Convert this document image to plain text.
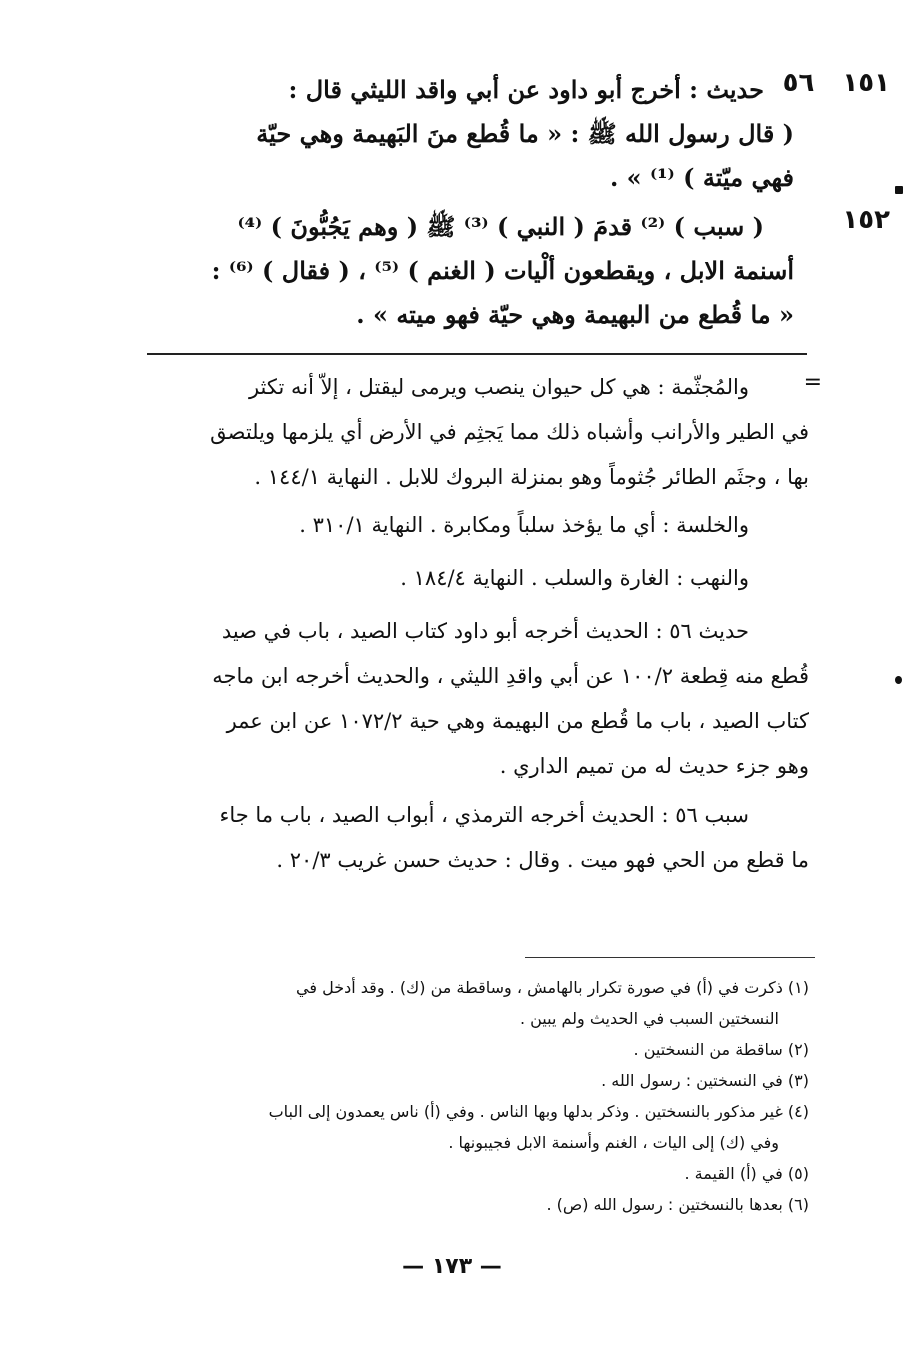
١٥١
٥٦
حديث : أخرج أبو داود عن أبي واقد الليثي قال :
( قال رسول الله ﷺ : « ما قُطع منَ البَهيمة وهي حيّة
فهي ميّتة ) ⁽¹⁾ » .
١٥٢
( سبب ) ⁽²⁾ قدمَ ( النبي ) ⁽³⁾ ﷺ ( وهم يَجُبُّونَ ) ⁽⁴⁾
أسنمة الابل ، ويقطعون ألْيات ( الغنم ) ⁽⁵⁾ ، ( فقال ) ⁽⁶⁾ :
« ما قُطع من البهيمة وهي حيّة فهو ميته » .
=
والمُجثّمة : هي كل حيوان ينصب ويرمى ليقتل ، إلاّ أنه تكثر
في الطير والأرانب وأشباه ذلك مما يَجثِم في الأرض أي يلزمها ويلتصق
بها ، وجثَم الطائر جُثوماً وهو بمنزلة البروك للابل . النهاية ١٤٤/١ .
والخلسة : أي ما يؤخذ سلباً ومكابرة . النهاية ٣١٠/١ .
والنهب : الغارة والسلب . النهاية ١٨٤/٤ .
حديث ٥٦ : الحديث أخرجه أبو داود كتاب الصيد ، باب في صيد
قُطع منه قِطعة ١٠٠/٢ عن أبي واقدِ الليثي ، والحديث أخرجه ابن ماجه
كتاب الصيد ، باب ما قُطع من البهيمة وهي حية ١٠٧٢/٢ عن ابن عمر
وهو جزء حديث له من تميم الداري .
سبب ٥٦ : الحديث أخرجه الترمذي ، أبواب الصيد ، باب ما جاء
ما قطع من الحي فهو ميت . وقال : حديث حسن غريب ٢٠/٣ .
(١) ذكرت في (أ) في صورة تكرار بالهامش ، وساقطة من (ك) . وقد أدخل في
النسختين السبب في الحديث ولم يبين .
(٢) ساقطة من النسختين .
(٣) في النسختين : رسول الله .
(٤) غير مذكور بالنسختين . وذكر بدلها وبها الناس . وفي (أ) ناس يعمدون إلى الباب
وفي (ك) إلى اليات ، الغنم وأسنمة الابل فجيبونها .
(٥) في (أ) القيمة .
(٦) بعدها بالنسختين : رسول الله (ص) .
— ١٧٣ —
